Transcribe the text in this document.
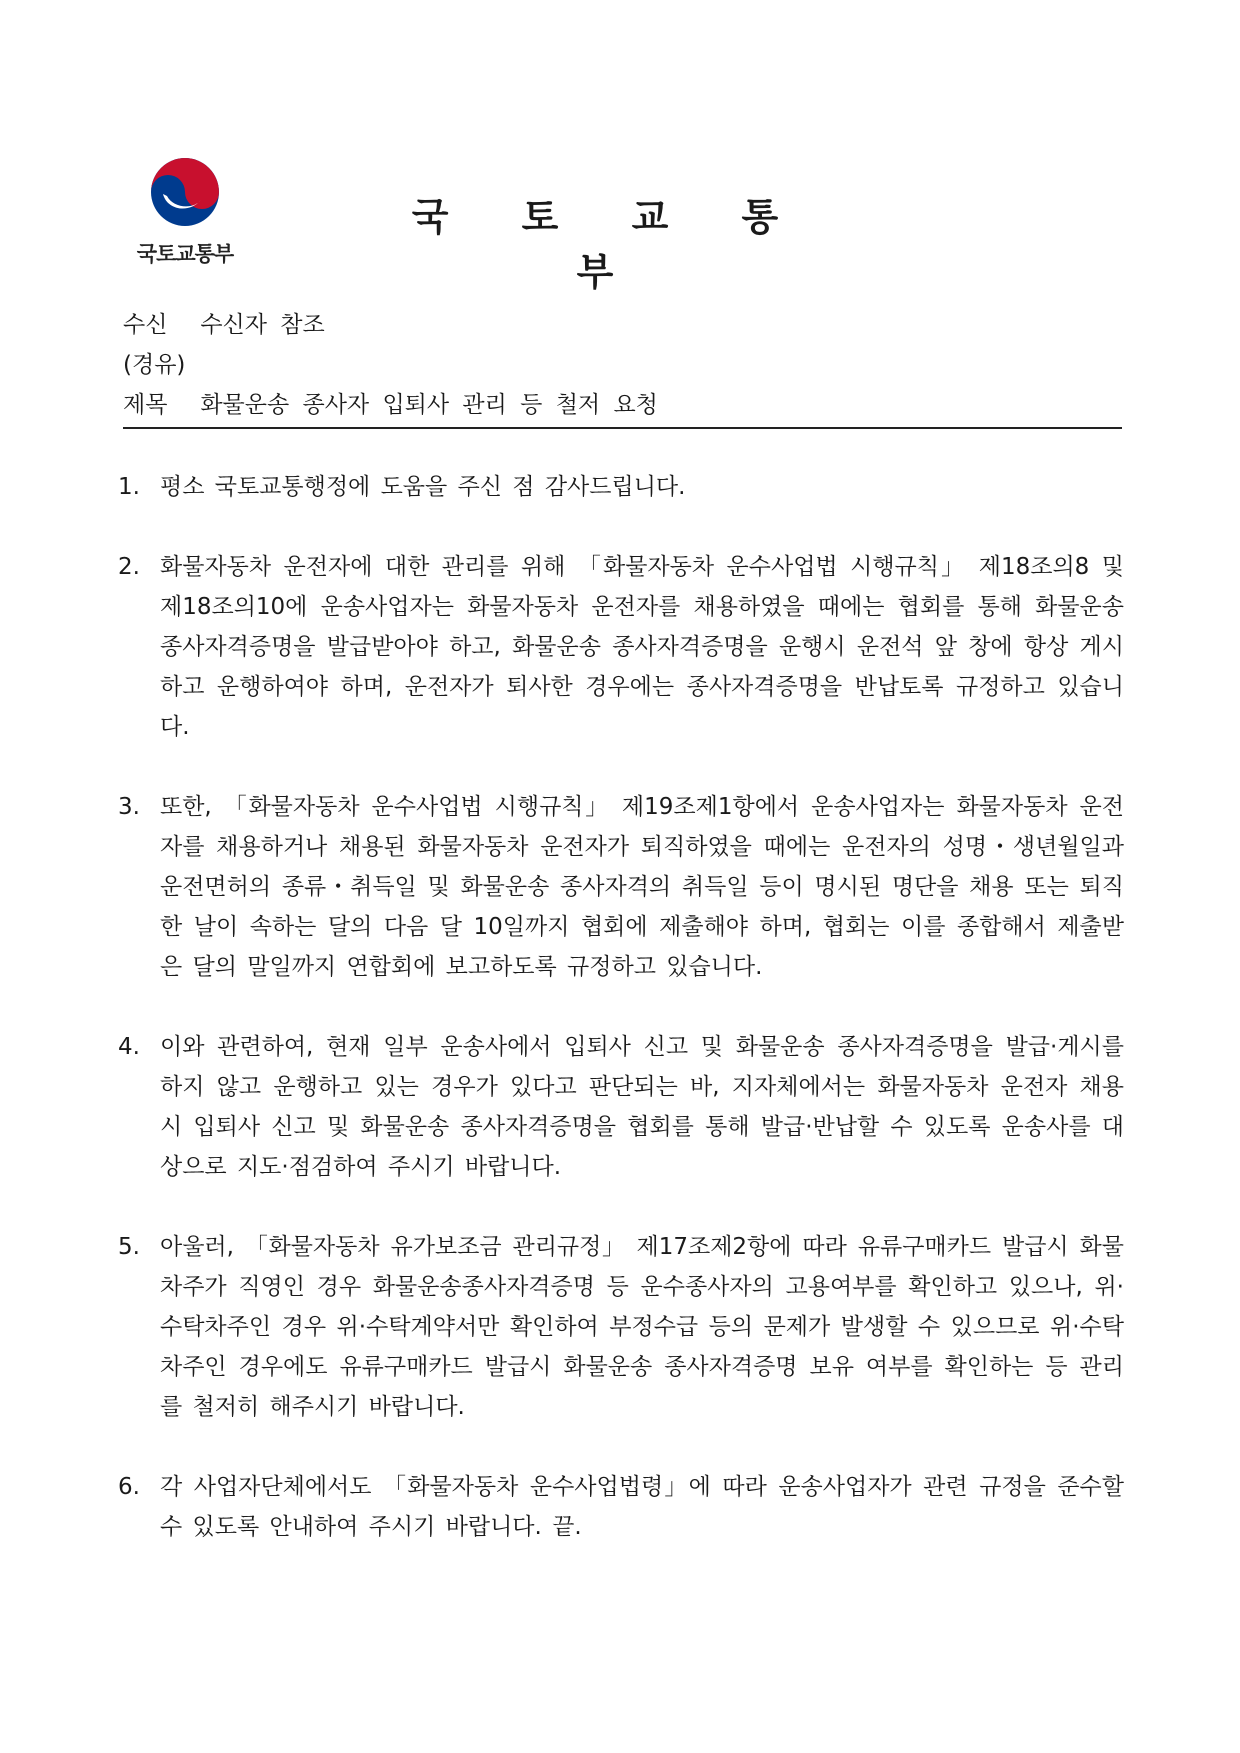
국토교통부
국 토 교 통 부
수신 수신자 참조
(경유)
제목 화물운송 종사자 입퇴사 관리 등 철저 요청
1. 평소 국토교통행정에 도움을 주신 점 감사드립니다.
2. 화물자동차 운전자에 대한 관리를 위해 「화물자동차 운수사업법 시행규칙」 제18조의8 및 제18조의10에 운송사업자는 화물자동차 운전자를 채용하였을 때에는 협회를 통해 화물운송 종사자격증명을 발급받아야 하고, 화물운송 종사자격증명을 운행시 운전석 앞 창에 항상 게시하고 운행하여야 하며, 운전자가 퇴사한 경우에는 종사자격증명을 반납토록 규정하고 있습니다.
3. 또한, 「화물자동차 운수사업법 시행규칙」 제19조제1항에서 운송사업자는 화물자동차 운전자를 채용하거나 채용된 화물자동차 운전자가 퇴직하였을 때에는 운전자의 성명・생년월일과 운전면허의 종류・취득일 및 화물운송 종사자격의 취득일 등이 명시된 명단을 채용 또는 퇴직한 날이 속하는 달의 다음 달 10일까지 협회에 제출해야 하며, 협회는 이를 종합해서 제출받은 달의 말일까지 연합회에 보고하도록 규정하고 있습니다.
4. 이와 관련하여, 현재 일부 운송사에서 입퇴사 신고 및 화물운송 종사자격증명을 발급·게시를 하지 않고 운행하고 있는 경우가 있다고 판단되는 바, 지자체에서는 화물자동차 운전자 채용시 입퇴사 신고 및 화물운송 종사자격증명을 협회를 통해 발급·반납할 수 있도록 운송사를 대상으로 지도·점검하여 주시기 바랍니다.
5. 아울러, 「화물자동차 유가보조금 관리규정」 제17조제2항에 따라 유류구매카드 발급시 화물차주가 직영인 경우 화물운송종사자격증명 등 운수종사자의 고용여부를 확인하고 있으나, 위·수탁차주인 경우 위·수탁계약서만 확인하여 부정수급 등의 문제가 발생할 수 있으므로 위·수탁차주인 경우에도 유류구매카드 발급시 화물운송 종사자격증명 보유 여부를 확인하는 등 관리를 철저히 해주시기 바랍니다.
6. 각 사업자단체에서도 「화물자동차 운수사업법령」에 따라 운송사업자가 관련 규정을 준수할 수 있도록 안내하여 주시기 바랍니다. 끝.
